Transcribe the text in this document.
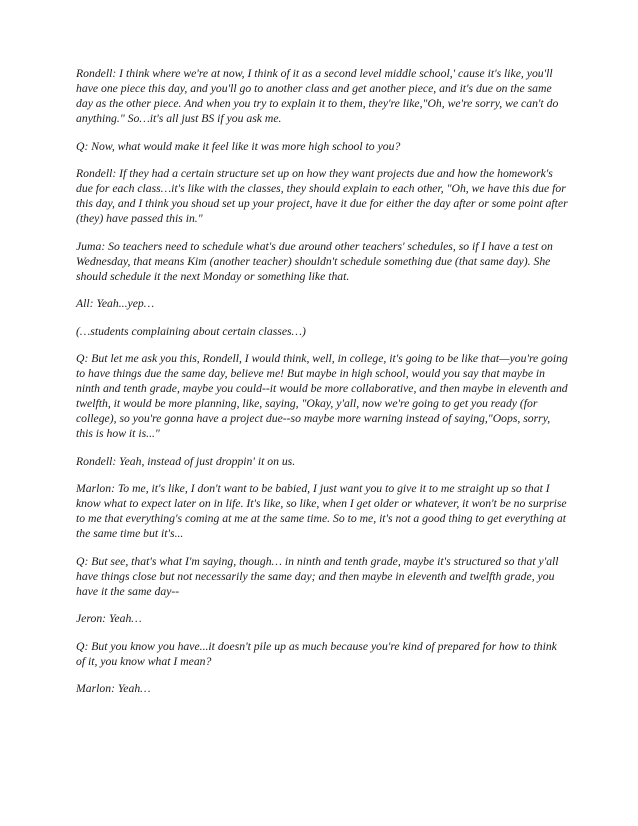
Rondell: I think where we're at now, I think of it as a second level middle school,' cause it's like, you'll have one piece this day, and you'll go to another class and get another piece, and it's due on the same day as the other piece. And when you try to explain it to them, they're like,"Oh, we're sorry, we can't do anything." So…it's all just BS if you ask me.

Q: Now, what would make it feel like it was more high school to you?

Rondell: If they had a certain structure set up on how they want projects due and how the homework's due for each class…it's like with the classes, they should explain to each other, "Oh, we have this due for this day, and I think you shoud set up your project, have it due for either the day after or some point after (they) have passed this in."

Juma: So teachers need to schedule what's due around other teachers' schedules, so if I have a test on Wednesday, that means Kim (another teacher) shouldn't schedule something due (that same day). She should schedule it the next Monday or something like that.

All: Yeah...yep…

(…students complaining about certain classes…)

Q: But let me ask you this, Rondell, I would think, well, in college, it's going to be like that—you're going to have things due the same day, believe me! But maybe in high school, would you say that maybe in ninth and tenth grade, maybe you could--it would be more collaborative, and then maybe in eleventh and twelfth, it would be more planning, like, saying, "Okay, y'all, now we're going to get you ready (for college), so you're gonna have a project due--so maybe more warning instead of saying,"Oops, sorry, this is how it is..."

Rondell: Yeah, instead of just droppin' it on us.

Marlon: To me, it's like, I don't want to be babied, I just want you to give it to me straight up so that I know what to expect later on in life. It's like, so like, when I get older or whatever, it won't be no surprise to me that everything's coming at me at the same time. So to me, it's not a good thing to get everything at the same time but it's...

Q: But see, that's what I'm saying, though… in ninth and tenth grade, maybe it's structured so that y'all have things close but not necessarily the same day; and then maybe in eleventh and twelfth grade, you have it the same day--

Jeron: Yeah…

Q: But you know you have...it doesn't pile up as much because you're kind of prepared for how to think of it, you know what I mean?

Marlon: Yeah…
